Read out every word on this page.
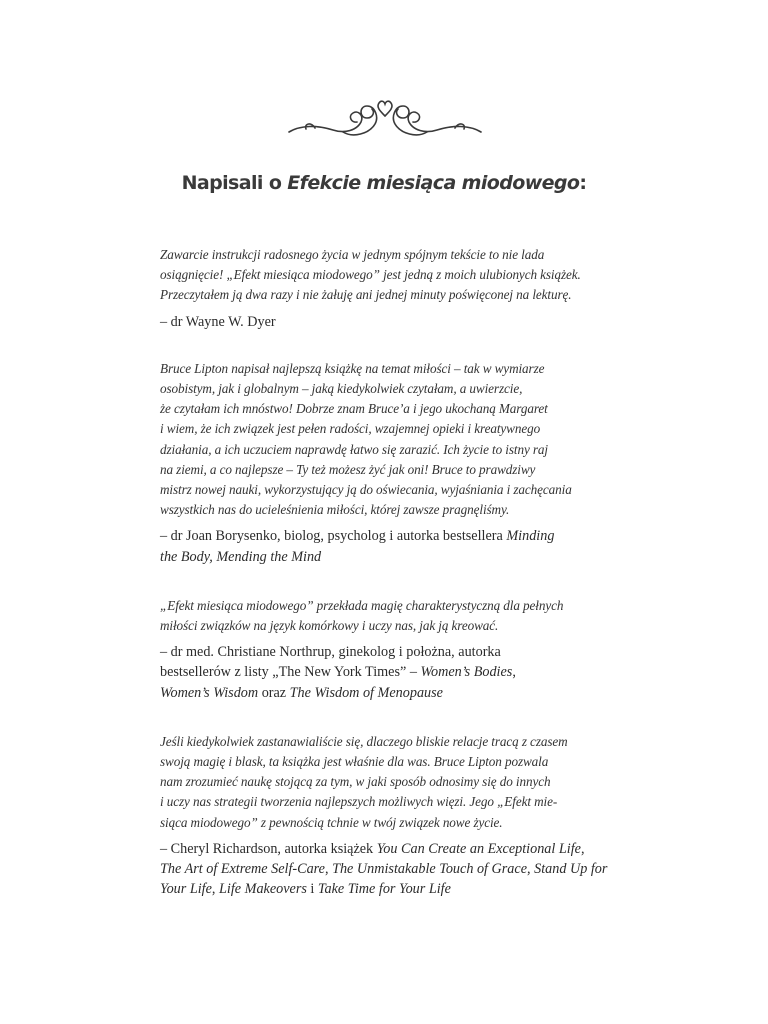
Napisali o Efekcie miesiąca miodowego:

Zawarcie instrukcji radosnego życia w jednym spójnym tekście to nie lada
osiągnięcie! „Efekt miesiąca miodowego” jest jedną z moich ulubionych książek.
Przeczytałem ją dwa razy i nie żałuję ani jednej minuty poświęconej na lekturę.

– dr Wayne W. Dyer

Bruce Lipton napisał najlepszą książkę na temat miłości – tak w wymiarze
osobistym, jak i globalnym – jaką kiedykolwiek czytałam, a uwierzcie,
że czytałam ich mnóstwo! Dobrze znam Bruce’a i jego ukochaną Margaret
i wiem, że ich związek jest pełen radości, wzajemnej opieki i kreatywnego
działania, a ich uczuciem naprawdę łatwo się zarazić. Ich życie to istny raj
na ziemi, a co najlepsze – Ty też możesz żyć jak oni! Bruce to prawdziwy
mistrz nowej nauki, wykorzystujący ją do oświecania, wyjaśniania i zachęcania
wszystkich nas do ucieleśnienia miłości, której zawsze pragnęliśmy.

– dr Joan Borysenko, biolog, psycholog i autorka bestsellera Minding
the Body, Mending the Mind

„Efekt miesiąca miodowego” przekłada magię charakterystyczną dla pełnych
miłości związków na język komórkowy i uczy nas, jak ją kreować.

– dr med. Christiane Northrup, ginekolog i położna, autorka
bestsellerów z listy „The New York Times” – Women’s Bodies,
Women’s Wisdom oraz The Wisdom of Menopause

Jeśli kiedykolwiek zastanawialiście się, dlaczego bliskie relacje tracą z czasem
swoją magię i blask, ta książka jest właśnie dla was. Bruce Lipton pozwala
nam zrozumieć naukę stojącą za tym, w jaki sposób odnosimy się do innych
i uczy nas strategii tworzenia najlepszych możliwych więzi. Jego „Efekt mie-
siąca miodowego” z pewnością tchnie w twój związek nowe życie.

– Cheryl Richardson, autorka książek You Can Create an Exceptional Life,
The Art of Extreme Self-Care, The Unmistakable Touch of Grace, Stand Up for
Your Life, Life Makeovers i Take Time for Your Life
